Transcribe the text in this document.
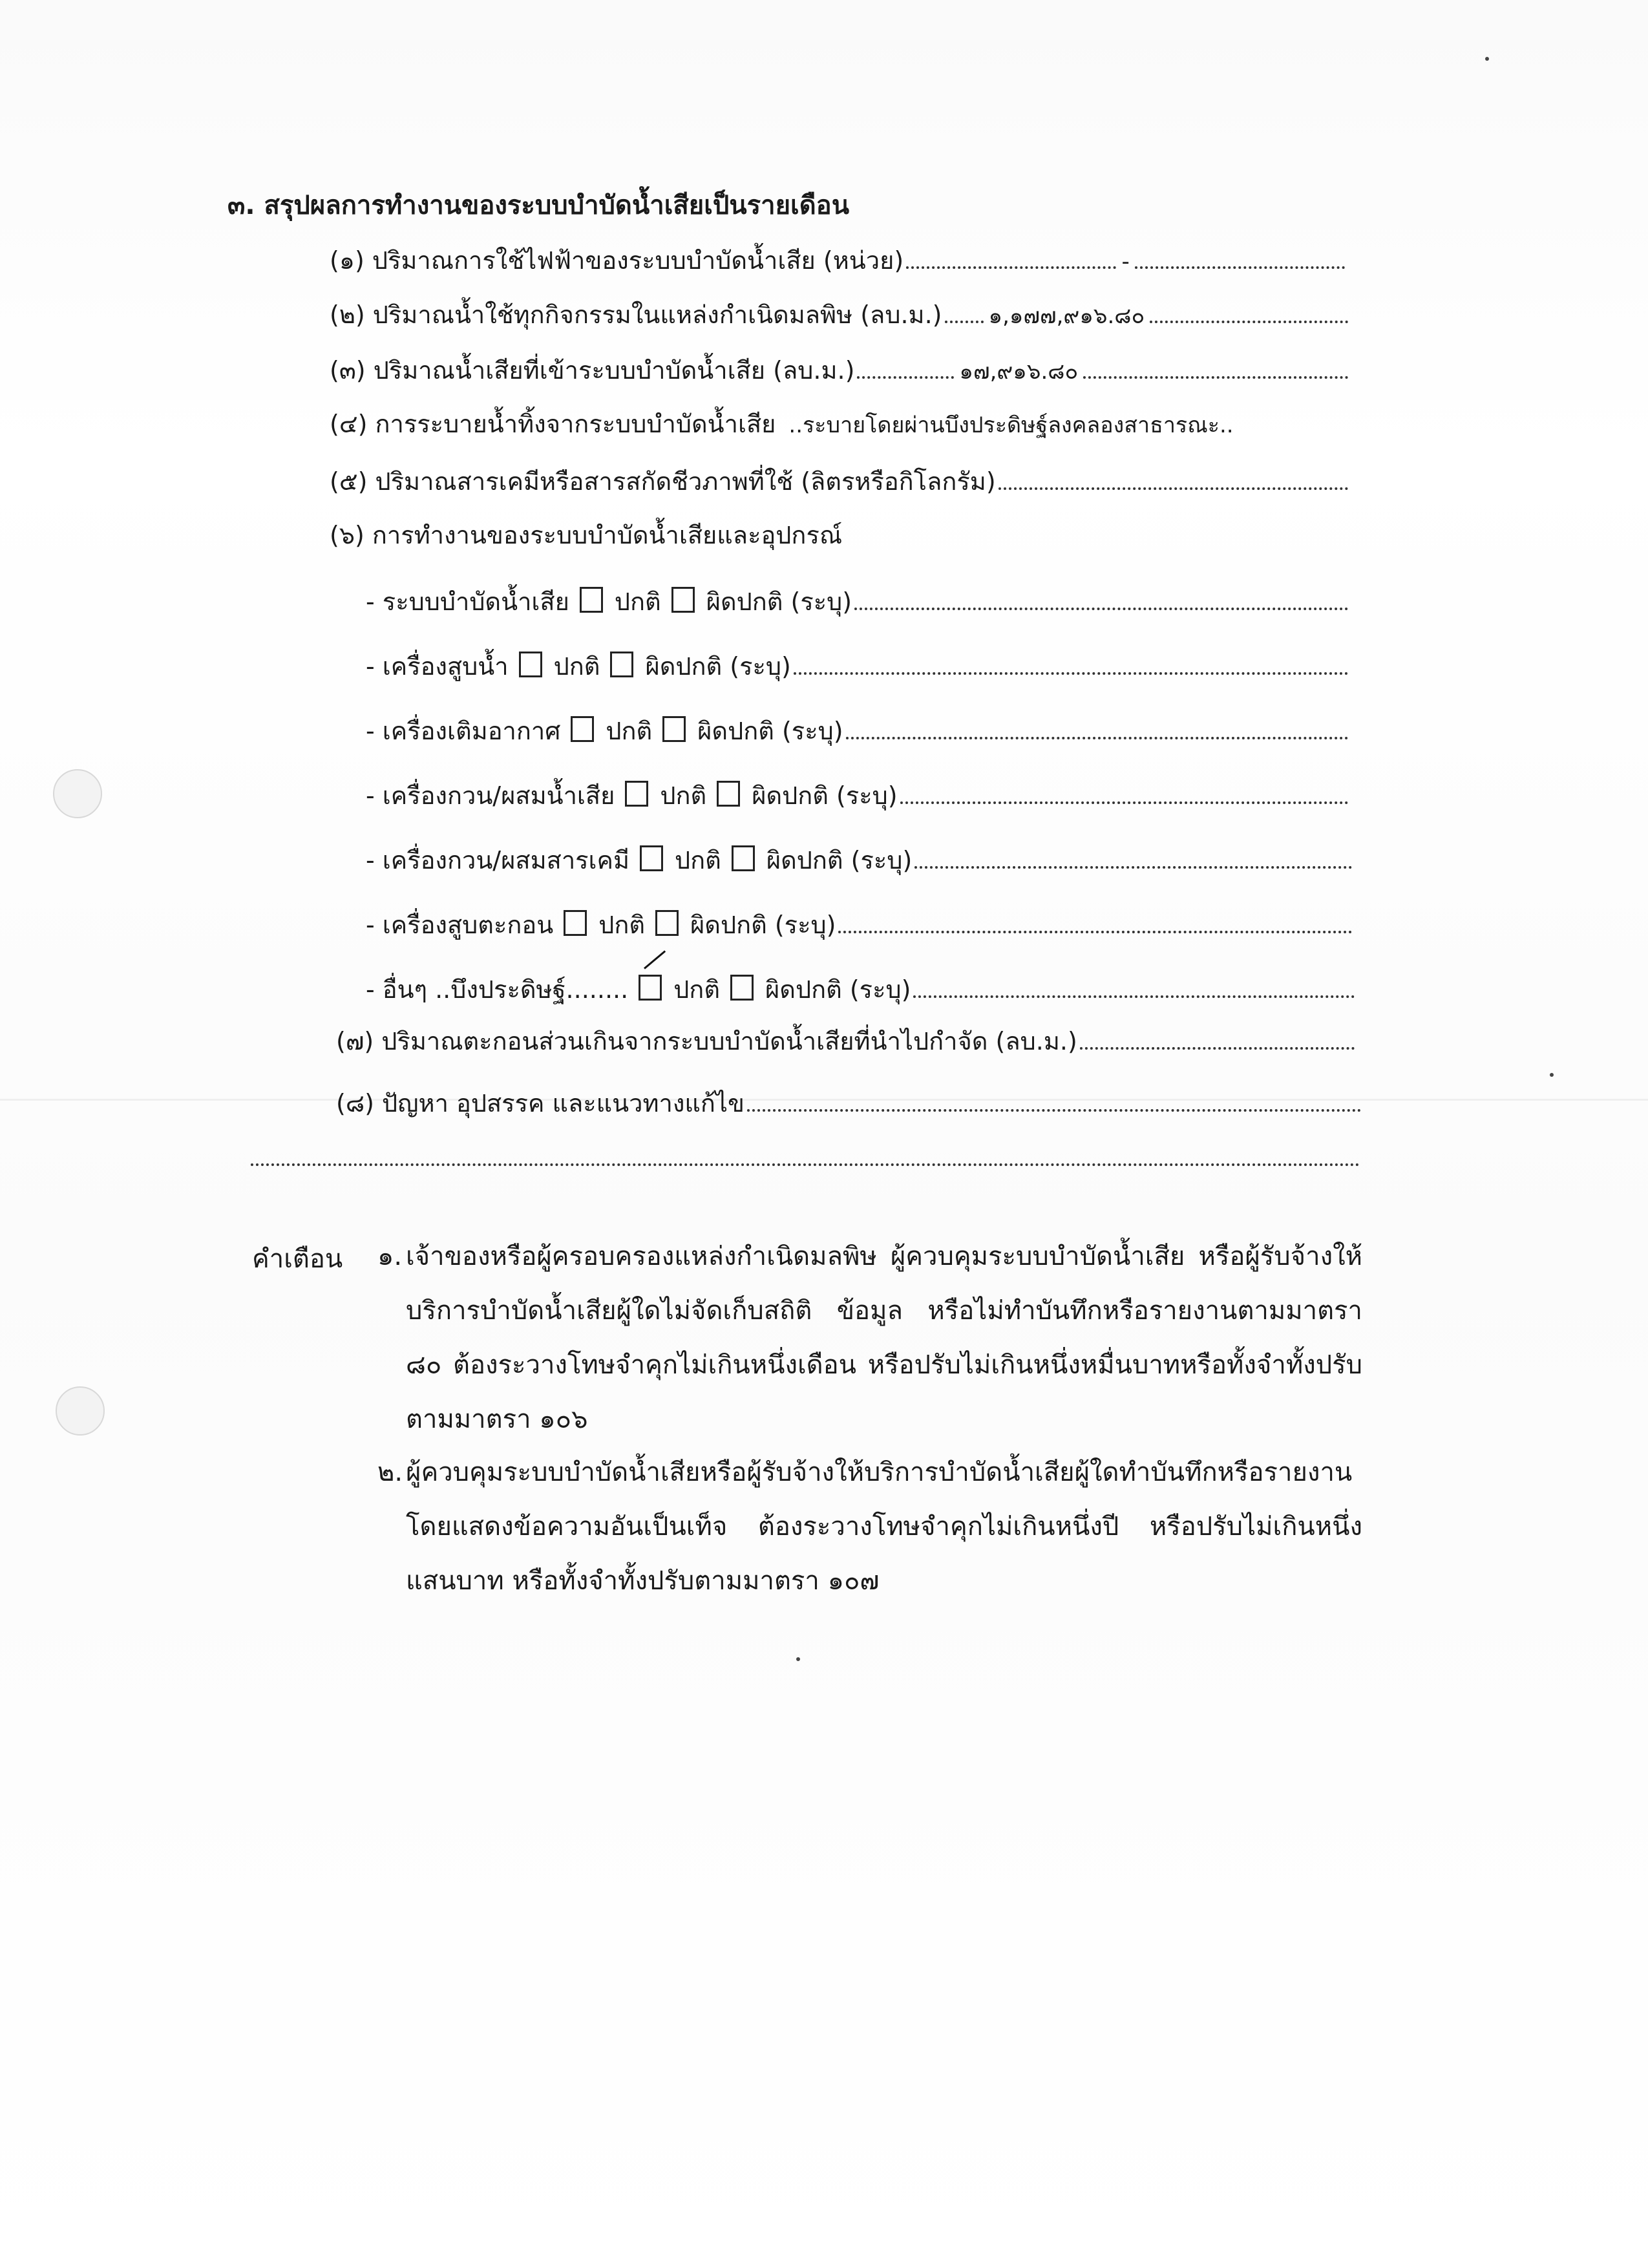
๓. สรุปผลการทำงานของระบบบำบัดน้ำเสียเป็นรายเดือน
(๑) ปริมาณการใช้ไฟฟ้าของระบบบำบัดน้ำเสีย (หน่วย)	-
(๒) ปริมาณน้ำใช้ทุกกิจกรรมในแหล่งกำเนิดมลพิษ (ลบ.ม.) ๑,๑๗๗,๙๑๖.๘๐
(๓) ปริมาณน้ำเสียที่เข้าระบบบำบัดน้ำเสีย (ลบ.ม.)	๑๗,๙๑๖.๘๐
(๔) การระบายน้ำทิ้งจากระบบบำบัดน้ำเสีย ..ระบายโดยผ่านบึงประดิษฐ์ลงคลองสาธารณะ..
(๕) ปริมาณสารเคมีหรือสารสกัดชีวภาพที่ใช้ (ลิตรหรือกิโลกรัม)
(๖) การทำงานของระบบบำบัดน้ำเสียและอุปกรณ์
- ระบบบำบัดน้ำเสีย ปกติ ผิดปกติ (ระบุ)
- เครื่องสูบน้ำ ปกติ ผิดปกติ (ระบุ)
- เครื่องเติมอากาศ ปกติ ผิดปกติ (ระบุ)
- เครื่องกวน/ผสมน้ำเสีย ปกติ ผิดปกติ (ระบุ)
- เครื่องกวน/ผสมสารเคมี ปกติ ผิดปกติ (ระบุ)
- เครื่องสูบตะกอน ปกติ ผิดปกติ (ระบุ)
- อื่นๆ ..บึงประดิษฐ์........ ปกติ ผิดปกติ (ระบุ)
(๗) ปริมาณตะกอนส่วนเกินจากระบบบำบัดน้ำเสียที่นำไปกำจัด (ลบ.ม.)
(๘) ปัญหา อุปสรรค และแนวทางแก้ไข
คำเตือน ๑. เจ้าของหรือผู้ครอบครองแหล่งกำเนิดมลพิษ ผู้ควบคุมระบบบำบัดน้ำเสีย หรือผู้รับจ้างให้บริการบำบัดน้ำเสียผู้ใดไม่จัดเก็บสถิติ ข้อมูล หรือไม่ทำบันทึกหรือรายงานตามมาตรา ๘๐ ต้องระวางโทษจำคุกไม่เกินหนึ่งเดือน หรือปรับไม่เกินหนึ่งหมื่นบาทหรือทั้งจำทั้งปรับตามมาตรา ๑๐๖
๒. ผู้ควบคุมระบบบำบัดน้ำเสียหรือผู้รับจ้างให้บริการบำบัดน้ำเสียผู้ใดทำบันทึกหรือรายงานโดยแสดงข้อความอันเป็นเท็จ ต้องระวางโทษจำคุกไม่เกินหนึ่งปี หรือปรับไม่เกินหนึ่งแสนบาท หรือทั้งจำทั้งปรับตามมาตรา ๑๐๗
